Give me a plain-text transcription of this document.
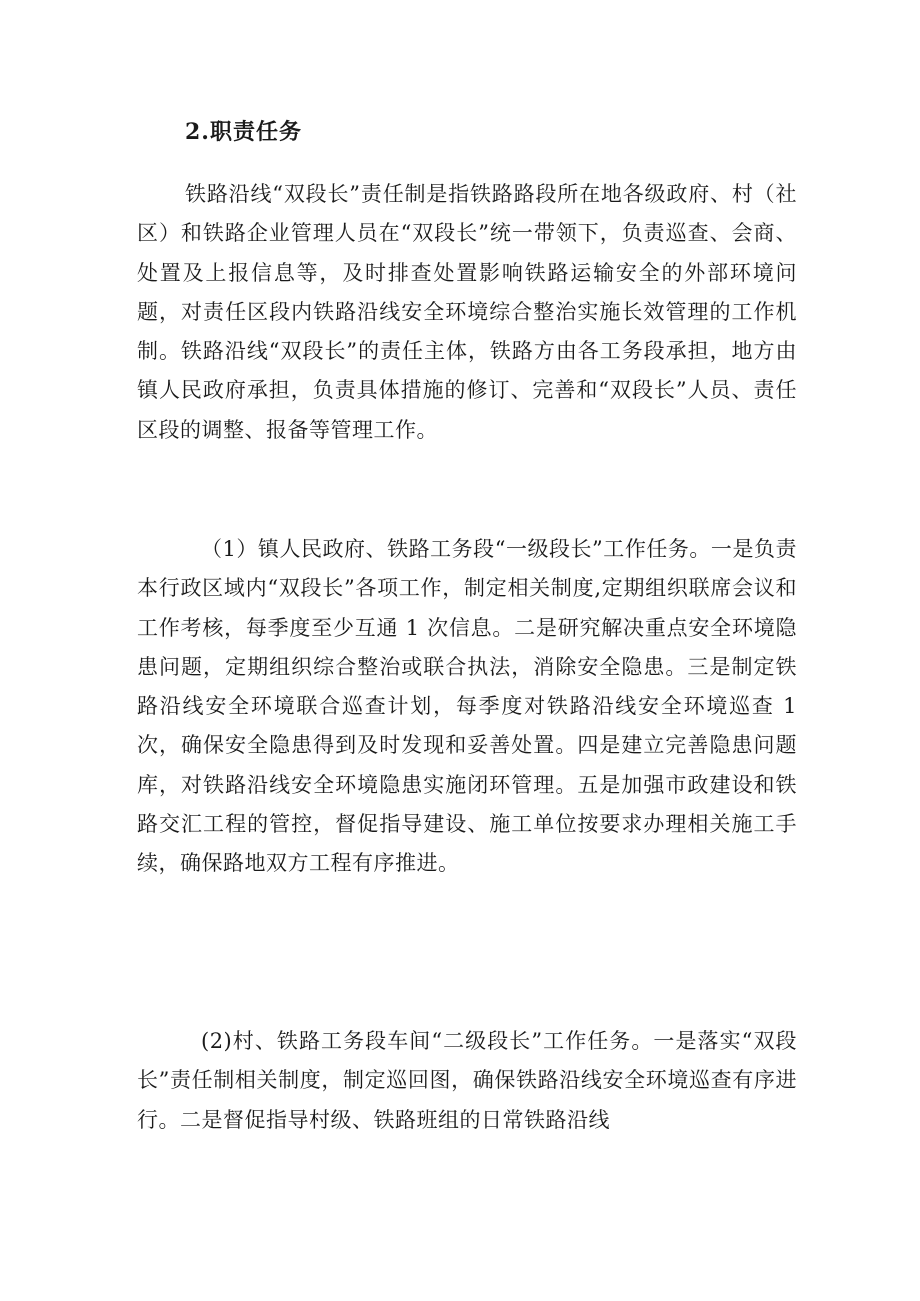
2.职责任务

铁路沿线“双段长”责任制是指铁路路段所在地各级政府、村（社区）和铁路企业管理人员在“双段长”统一带领下，负责巡查、会商、处置及上报信息等，及时排查处置影响铁路运输安全的外部环境问题，对责任区段内铁路沿线安全环境综合整治实施长效管理的工作机制。铁路沿线“双段长”的责任主体，铁路方由各工务段承担，地方由镇人民政府承担，负责具体措施的修订、完善和“双段长”人员、责任区段的调整、报备等管理工作。

（1）镇人民政府、铁路工务段“一级段长”工作任务。一是负责本行政区域内“双段长”各项工作，制定相关制度,定期组织联席会议和工作考核，每季度至少互通 1 次信息。二是研究解决重点安全环境隐患问题，定期组织综合整治或联合执法，消除安全隐患。三是制定铁路沿线安全环境联合巡查计划，每季度对铁路沿线安全环境巡查 1 次，确保安全隐患得到及时发现和妥善处置。四是建立完善隐患问题库，对铁路沿线安全环境隐患实施闭环管理。五是加强市政建设和铁路交汇工程的管控，督促指导建设、施工单位按要求办理相关施工手续，确保路地双方工程有序推进。

(2)村、铁路工务段车间“二级段长”工作任务。一是落实“双段长”责任制相关制度，制定巡回图，确保铁路沿线安全环境巡查有序进行。二是督促指导村级、铁路班组的日常铁路沿线
